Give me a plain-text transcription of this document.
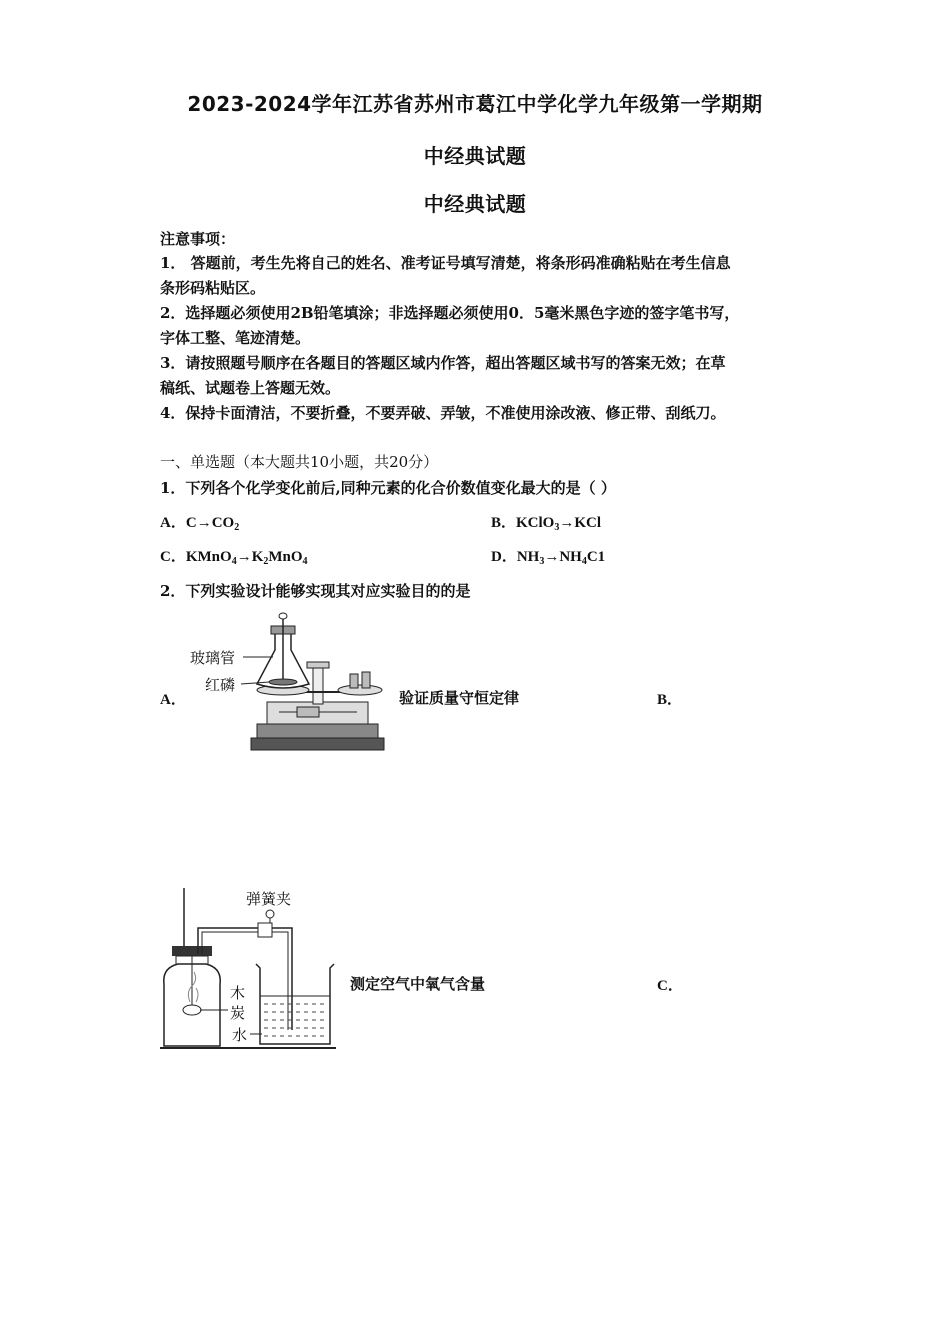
2023-2024学年江苏省苏州市葛江中学化学九年级第一学期期
中经典试题
中经典试题
注意事项：
1． 答题前，考生先将自己的姓名、准考证号填写清楚，将条形码准确粘贴在考生信息
条形码粘贴区。
2．选择题必须使用2B铅笔填涂；非选择题必须使用0．5毫米黑色字迹的签字笔书写，
字体工整、笔迹清楚。
3．请按照题号顺序在各题目的答题区域内作答，超出答题区域书写的答案无效；在草
稿纸、试题卷上答题无效。
4．保持卡面清洁，不要折叠，不要弄破、弄皱，不准使用涂改液、修正带、刮纸刀。
一、单选题（本大题共10小题，共20分）
1．下列各个化学变化前后,同种元素的化合价数值变化最大的是（ ）
A．$C\to CO_2$	B．KClO$_3$→KCl
C．$KMnO_4\to K_2MnO_4$	D．$NH_3\to NH_4C1$
2．下列实验设计能够实现其对应实验目的的是
A．
玻璃管
红磷
验证质量守恒定律	B．
弹簧夹
木
炭
水
测定空气中氧气含量	C．
